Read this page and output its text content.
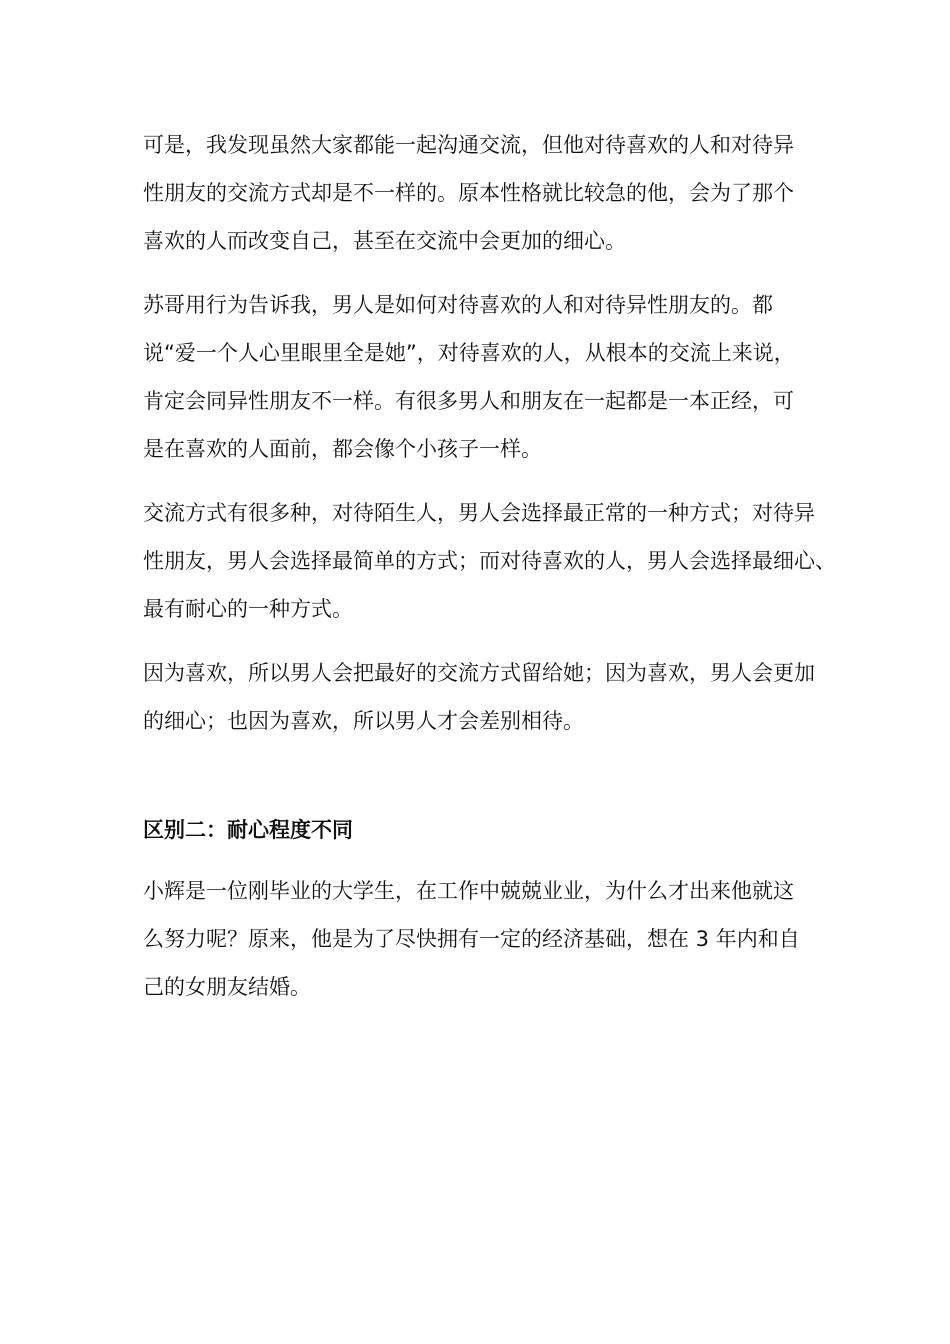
可是，我发现虽然大家都能一起沟通交流，但他对待喜欢的人和对待异
性朋友的交流方式却是不一样的。原本性格就比较急的他，会为了那个
喜欢的人而改变自己，甚至在交流中会更加的细心。

苏哥用行为告诉我，男人是如何对待喜欢的人和对待异性朋友的。都
说“爱一个人心里眼里全是她”，对待喜欢的人，从根本的交流上来说，
肯定会同异性朋友不一样。有很多男人和朋友在一起都是一本正经，可
是在喜欢的人面前，都会像个小孩子一样。

交流方式有很多种，对待陌生人，男人会选择最正常的一种方式；对待异
性朋友，男人会选择最简单的方式；而对待喜欢的人，男人会选择最细心、
最有耐心的一种方式。

因为喜欢，所以男人会把最好的交流方式留给她；因为喜欢，男人会更加
的细心；也因为喜欢，所以男人才会差别相待。

区别二：耐心程度不同

小辉是一位刚毕业的大学生，在工作中兢兢业业，为什么才出来他就这
么努力呢？原来，他是为了尽快拥有一定的经济基础，想在 3 年内和自
己的女朋友结婚。
